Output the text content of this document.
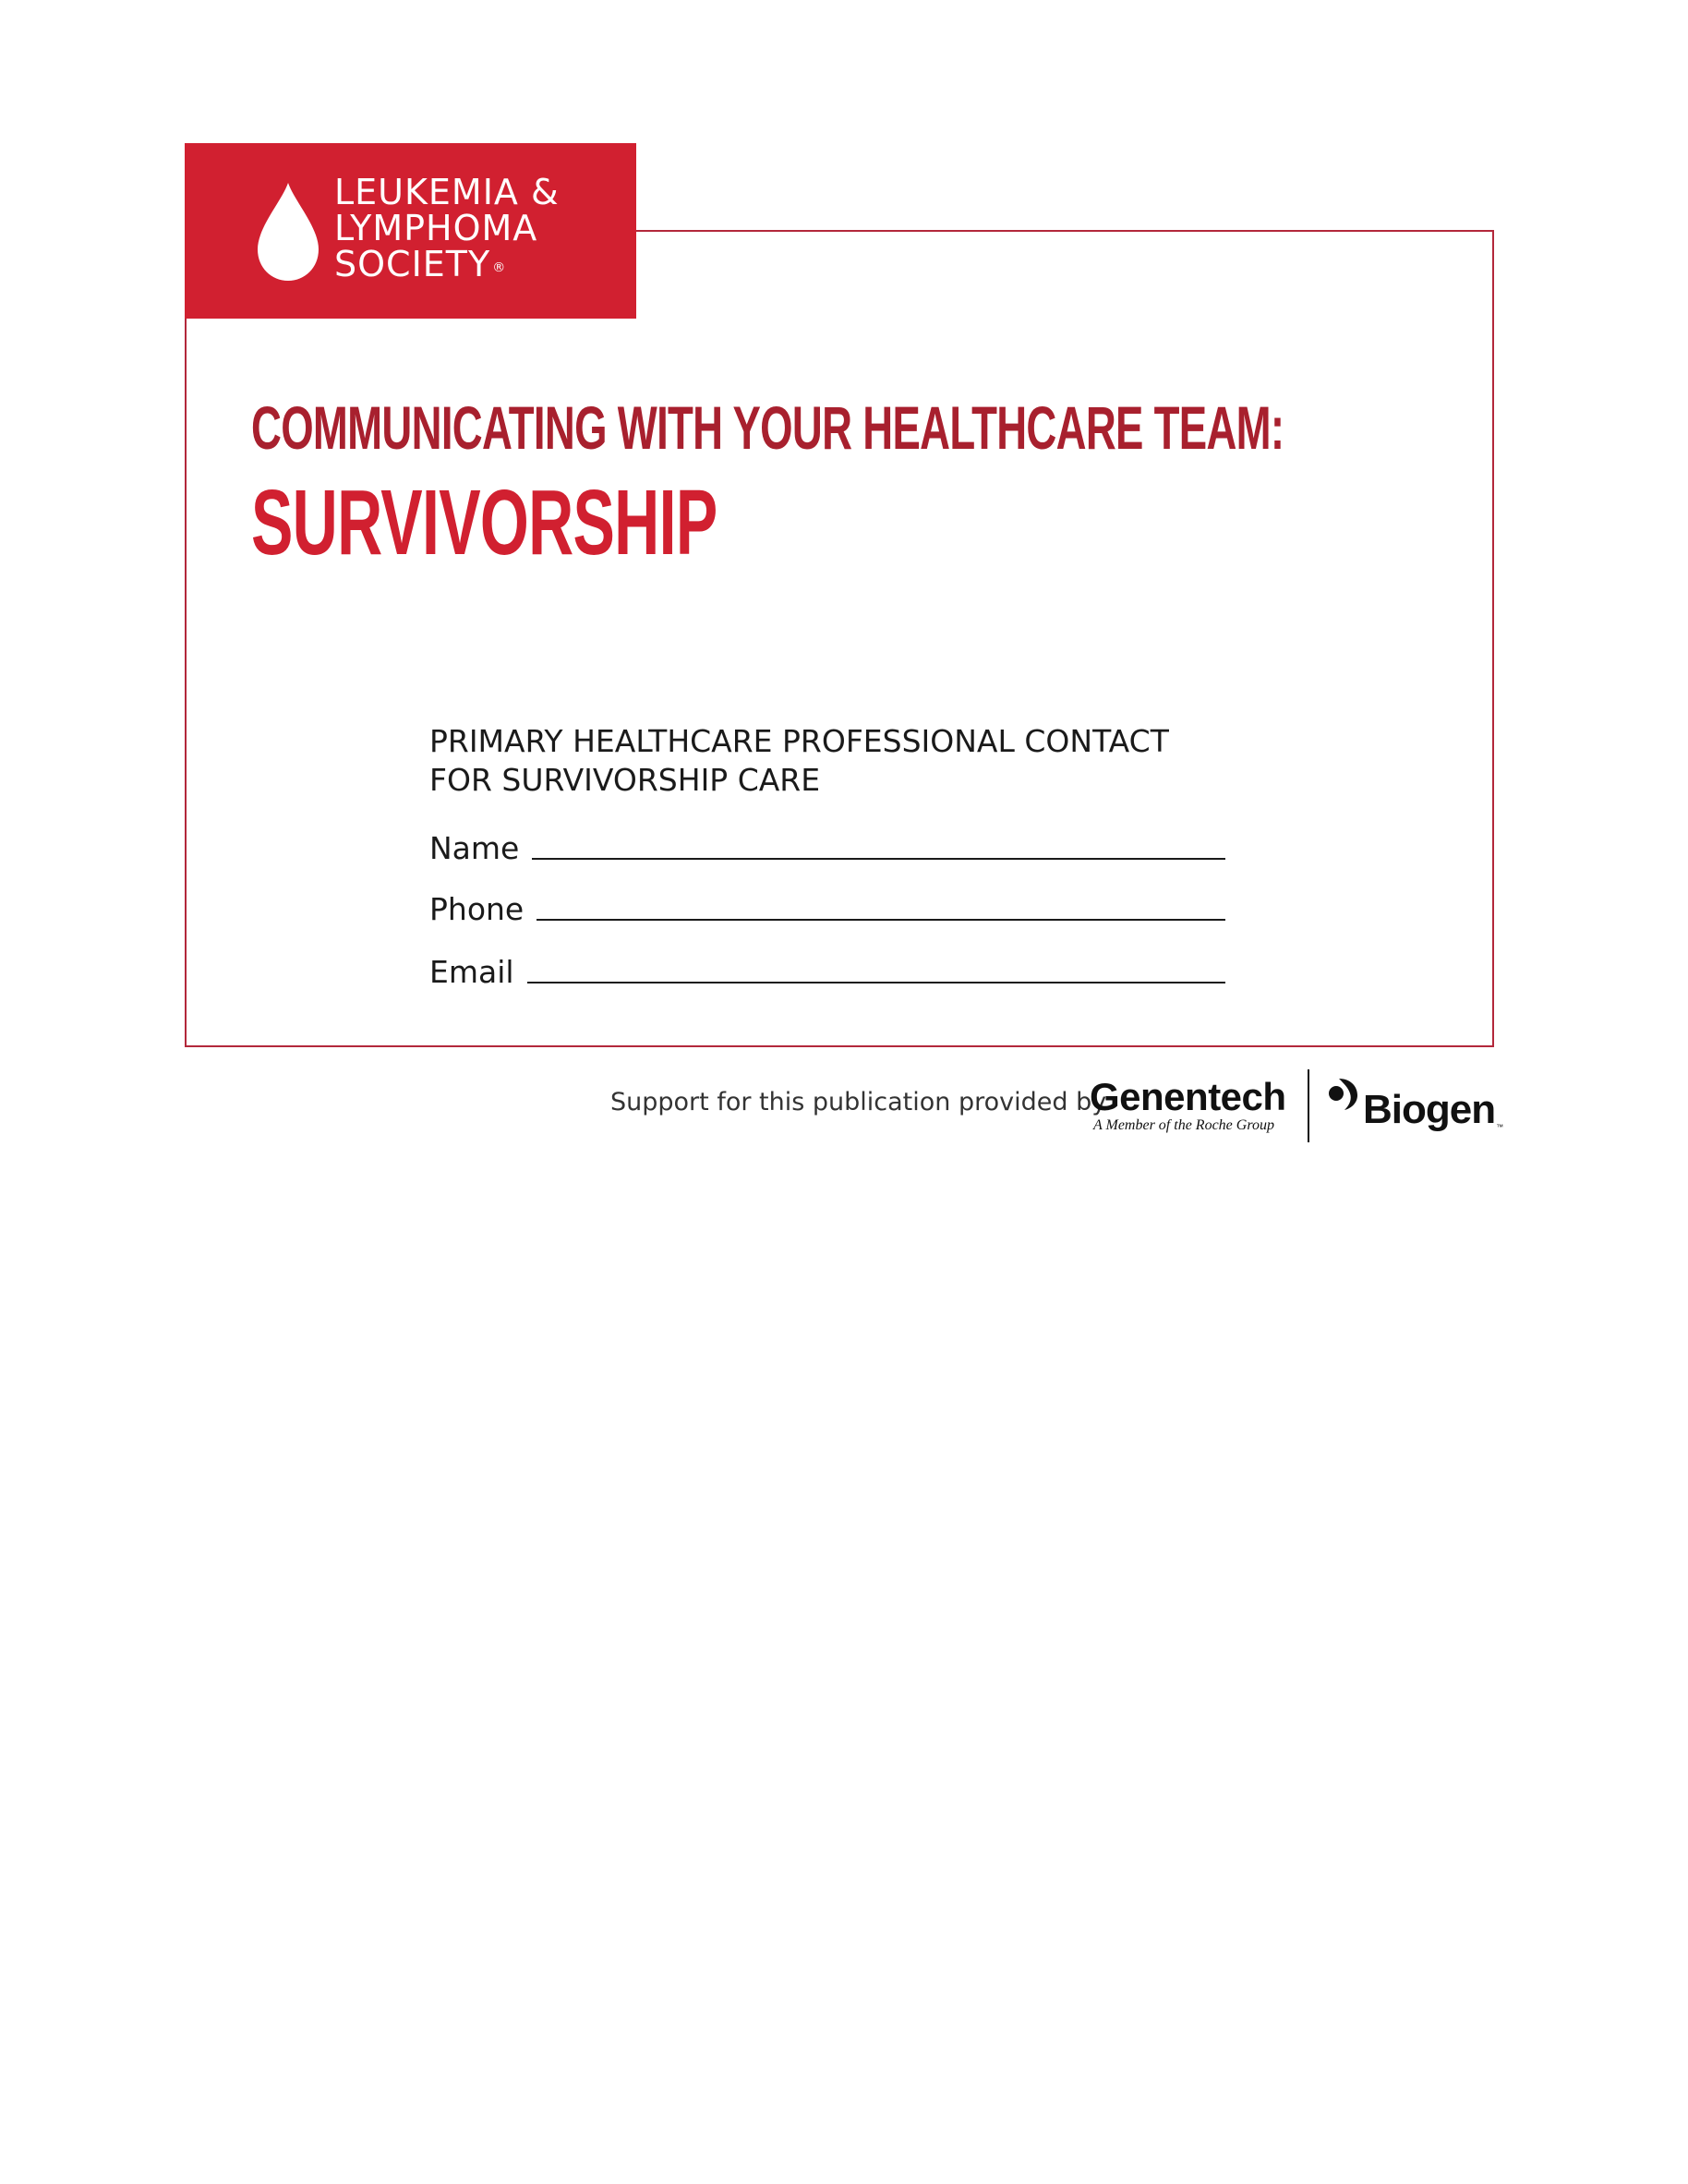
LEUKEMIA &
LYMPHOMA
SOCIETY ®
COMMUNICATING WITH YOUR HEALTHCARE TEAM:
SURVIVORSHIP
PRIMARY HEALTHCARE PROFESSIONAL CONTACT
FOR SURVIVORSHIP CARE
Name
Phone
Email
Support for this publication provided by
Genentech
A Member of the Roche Group Biogen ™
